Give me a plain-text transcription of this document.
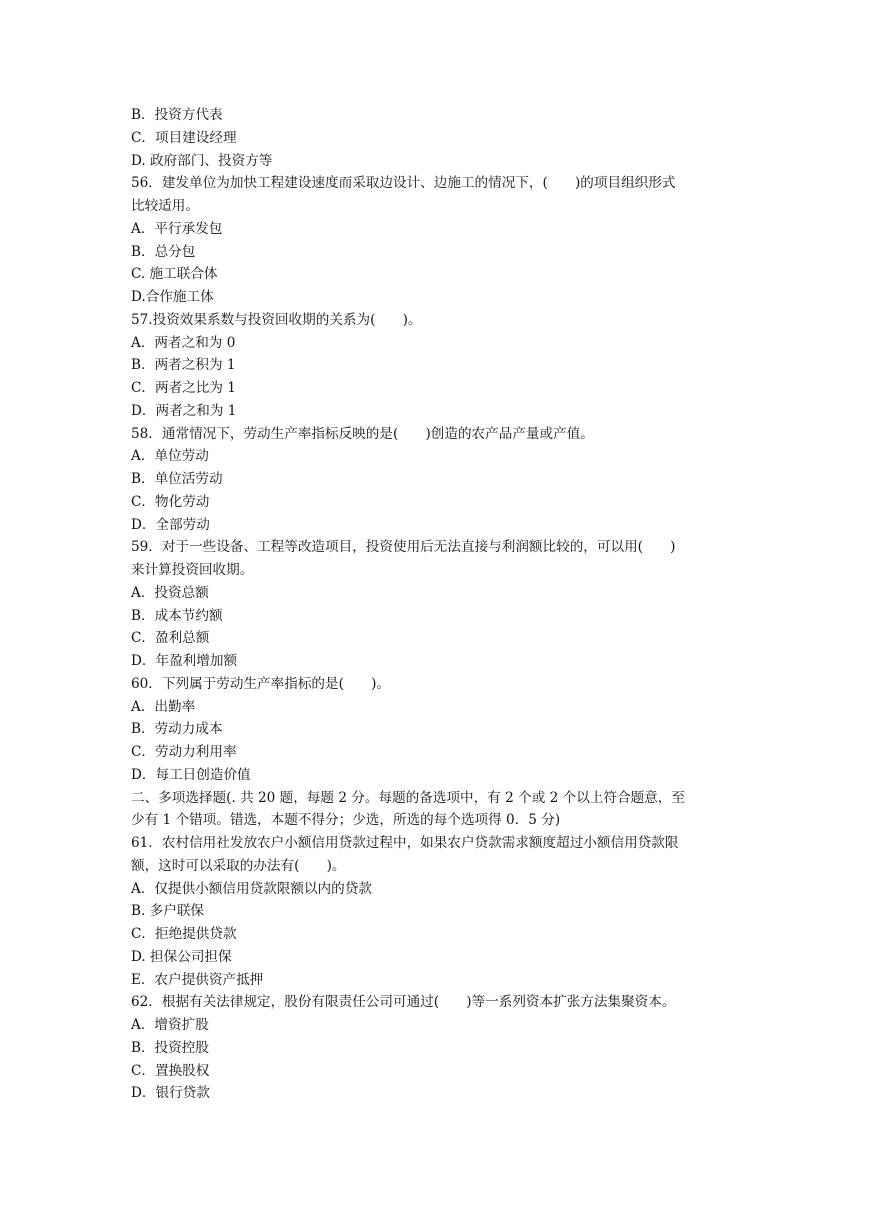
B．投资方代表
C．项目建设经理
D. 政府部门、投资方等
56．建发单位为加快工程建设速度而采取边设计、边施工的情况下，(　　)的项目组织形式
比较适用。
A．平行承发包
B．总分包
C. 施工联合体
D.合作施工体
57.投资效果系数与投资回收期的关系为(　　)。
A．两者之和为 0
B．两者之积为 1
C．两者之比为 1
D．两者之和为 1
58．通常情况下，劳动生产率指标反映的是(　　)创造的农产品产量或产值。
A．单位劳动
B．单位活劳动
C．物化劳动
D．全部劳动
59．对于一些设备、工程等改造项目，投资使用后无法直接与利润额比较的，可以用(　　)
来计算投资回收期。
A．投资总额
B．成本节约额
C．盈利总额
D．年盈利增加额
60．下列属于劳动生产率指标的是(　　)。
A．出勤率
B．劳动力成本
C．劳动力利用率
D．每工日创造价值
二、多项选择题(. 共 20 题，每题 2 分。每题的备选项中，有 2 个或 2 个以上符合题意，至
少有 1 个错项。错选，本题不得分；少选，所选的每个选项得 0．5 分)
61．农村信用社发放农户小额信用贷款过程中，如果农户贷款需求额度超过小额信用贷款限
额，这时可以采取的办法有(　　)。
A．仅提供小额信用贷款限额以内的贷款
B. 多户联保
C．拒绝提供贷款
D. 担保公司担保
E．农户提供资产抵押
62．根据有关法律规定，股份有限责任公司可通过(　　)等一系列资本扩张方法集聚资本。
A．增资扩股
B．投资控股
C．置换股权
D．银行贷款
